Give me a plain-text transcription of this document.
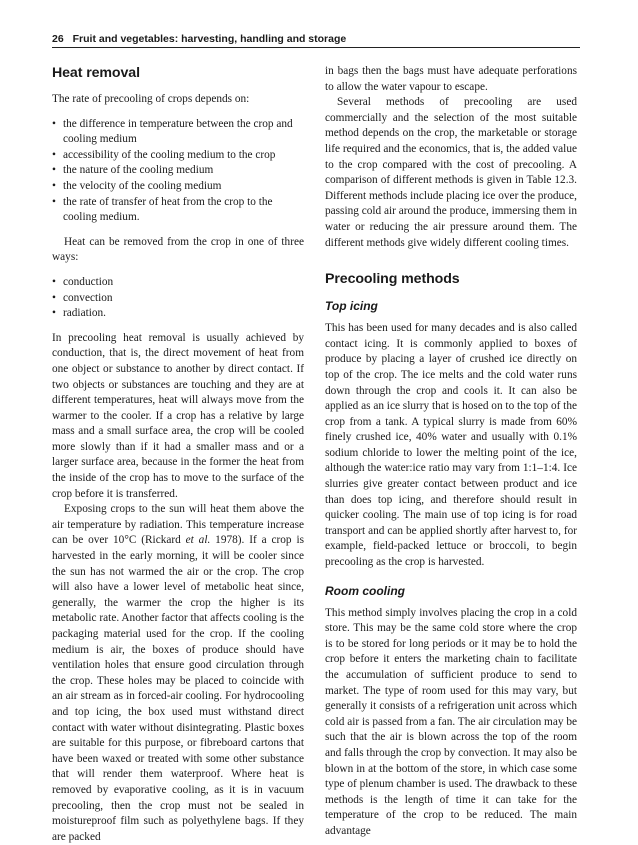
26 Fruit and vegetables: harvesting, handling and storage
Heat removal

The rate of precooling of crops depends on:

• the difference in temperature between the crop and cooling medium
• accessibility of the cooling medium to the crop
• the nature of the cooling medium
• the velocity of the cooling medium
• the rate of transfer of heat from the crop to the cooling medium.

Heat can be removed from the crop in one of three ways:

• conduction
• convection
• radiation.

In precooling heat removal is usually achieved by conduction, that is, the direct movement of heat from one object or substance to another by direct contact. If two objects or substances are touching and they are at different temperatures, heat will always move from the warmer to the cooler. If a crop has a relative by large mass and a small surface area, the crop will be cooled more slowly than if it had a smaller mass and or a larger surface area, because in the former the heat from the inside of the crop has to move to the surface of the crop before it is transferred.

Exposing crops to the sun will heat them above the air temperature by radiation. This temperature increase can be over 10°C (Rickard et al. 1978). If a crop is harvested in the early morning, it will be cooler since the sun has not warmed the air or the crop. The crop will also have a lower level of metabolic heat since, generally, the warmer the crop the higher is its metabolic rate. Another factor that affects cooling is the packaging material used for the crop. If the cooling medium is air, the boxes of produce should have ventilation holes that ensure good circulation through the crop. These holes may be placed to coincide with an air stream as in forced-air cooling. For hydrocooling and top icing, the box used must withstand direct contact with water without disintegrating. Plastic boxes are suitable for this purpose, or fibreboard cartons that have been waxed or treated with some other substance that will render them waterproof. Where heat is removed by evaporative cooling, as it is in vacuum precooling, then the crop must not be sealed in moistureproof film such as polyethylene bags. If they are packed

in bags then the bags must have adequate perforations to allow the water vapour to escape.

Several methods of precooling are used commercially and the selection of the most suitable method depends on the crop, the marketable or storage life required and the economics, that is, the added value to the crop compared with the cost of precooling. A comparison of different methods is given in Table 12.3. Different methods include placing ice over the produce, passing cold air around the produce, immersing them in water or reducing the air pressure around them. The different methods give widely different cooling times.

Precooling methods
Top icing

This has been used for many decades and is also called contact icing. It is commonly applied to boxes of produce by placing a layer of crushed ice directly on top of the crop. The ice melts and the cold water runs down through the crop and cools it. It can also be applied as an ice slurry that is hosed on to the top of the crop from a tank. A typical slurry is made from 60% finely crushed ice, 40% water and usually with 0.1% sodium chloride to lower the melting point of the ice, although the water:ice ratio may vary from 1:1–1:4. Ice slurries give greater contact between product and ice than does top icing, and therefore should result in quicker cooling. The main use of top icing is for road transport and can be applied shortly after harvest to, for example, field-packed lettuce or broccoli, to begin precooling as the crop is harvested.

Room cooling

This method simply involves placing the crop in a cold store. This may be the same cold store where the crop is to be stored for long periods or it may be to hold the crop before it enters the marketing chain to facilitate the accumulation of sufficient produce to send to market. The type of room used for this may vary, but generally it consists of a refrigeration unit across which cold air is passed from a fan. The air circulation may be such that the air is blown across the top of the room and falls through the crop by convection. It may also be blown in at the bottom of the store, in which case some type of plenum chamber is used. The drawback to these methods is the length of time it can take for the temperature of the crop to be reduced. The main advantage
